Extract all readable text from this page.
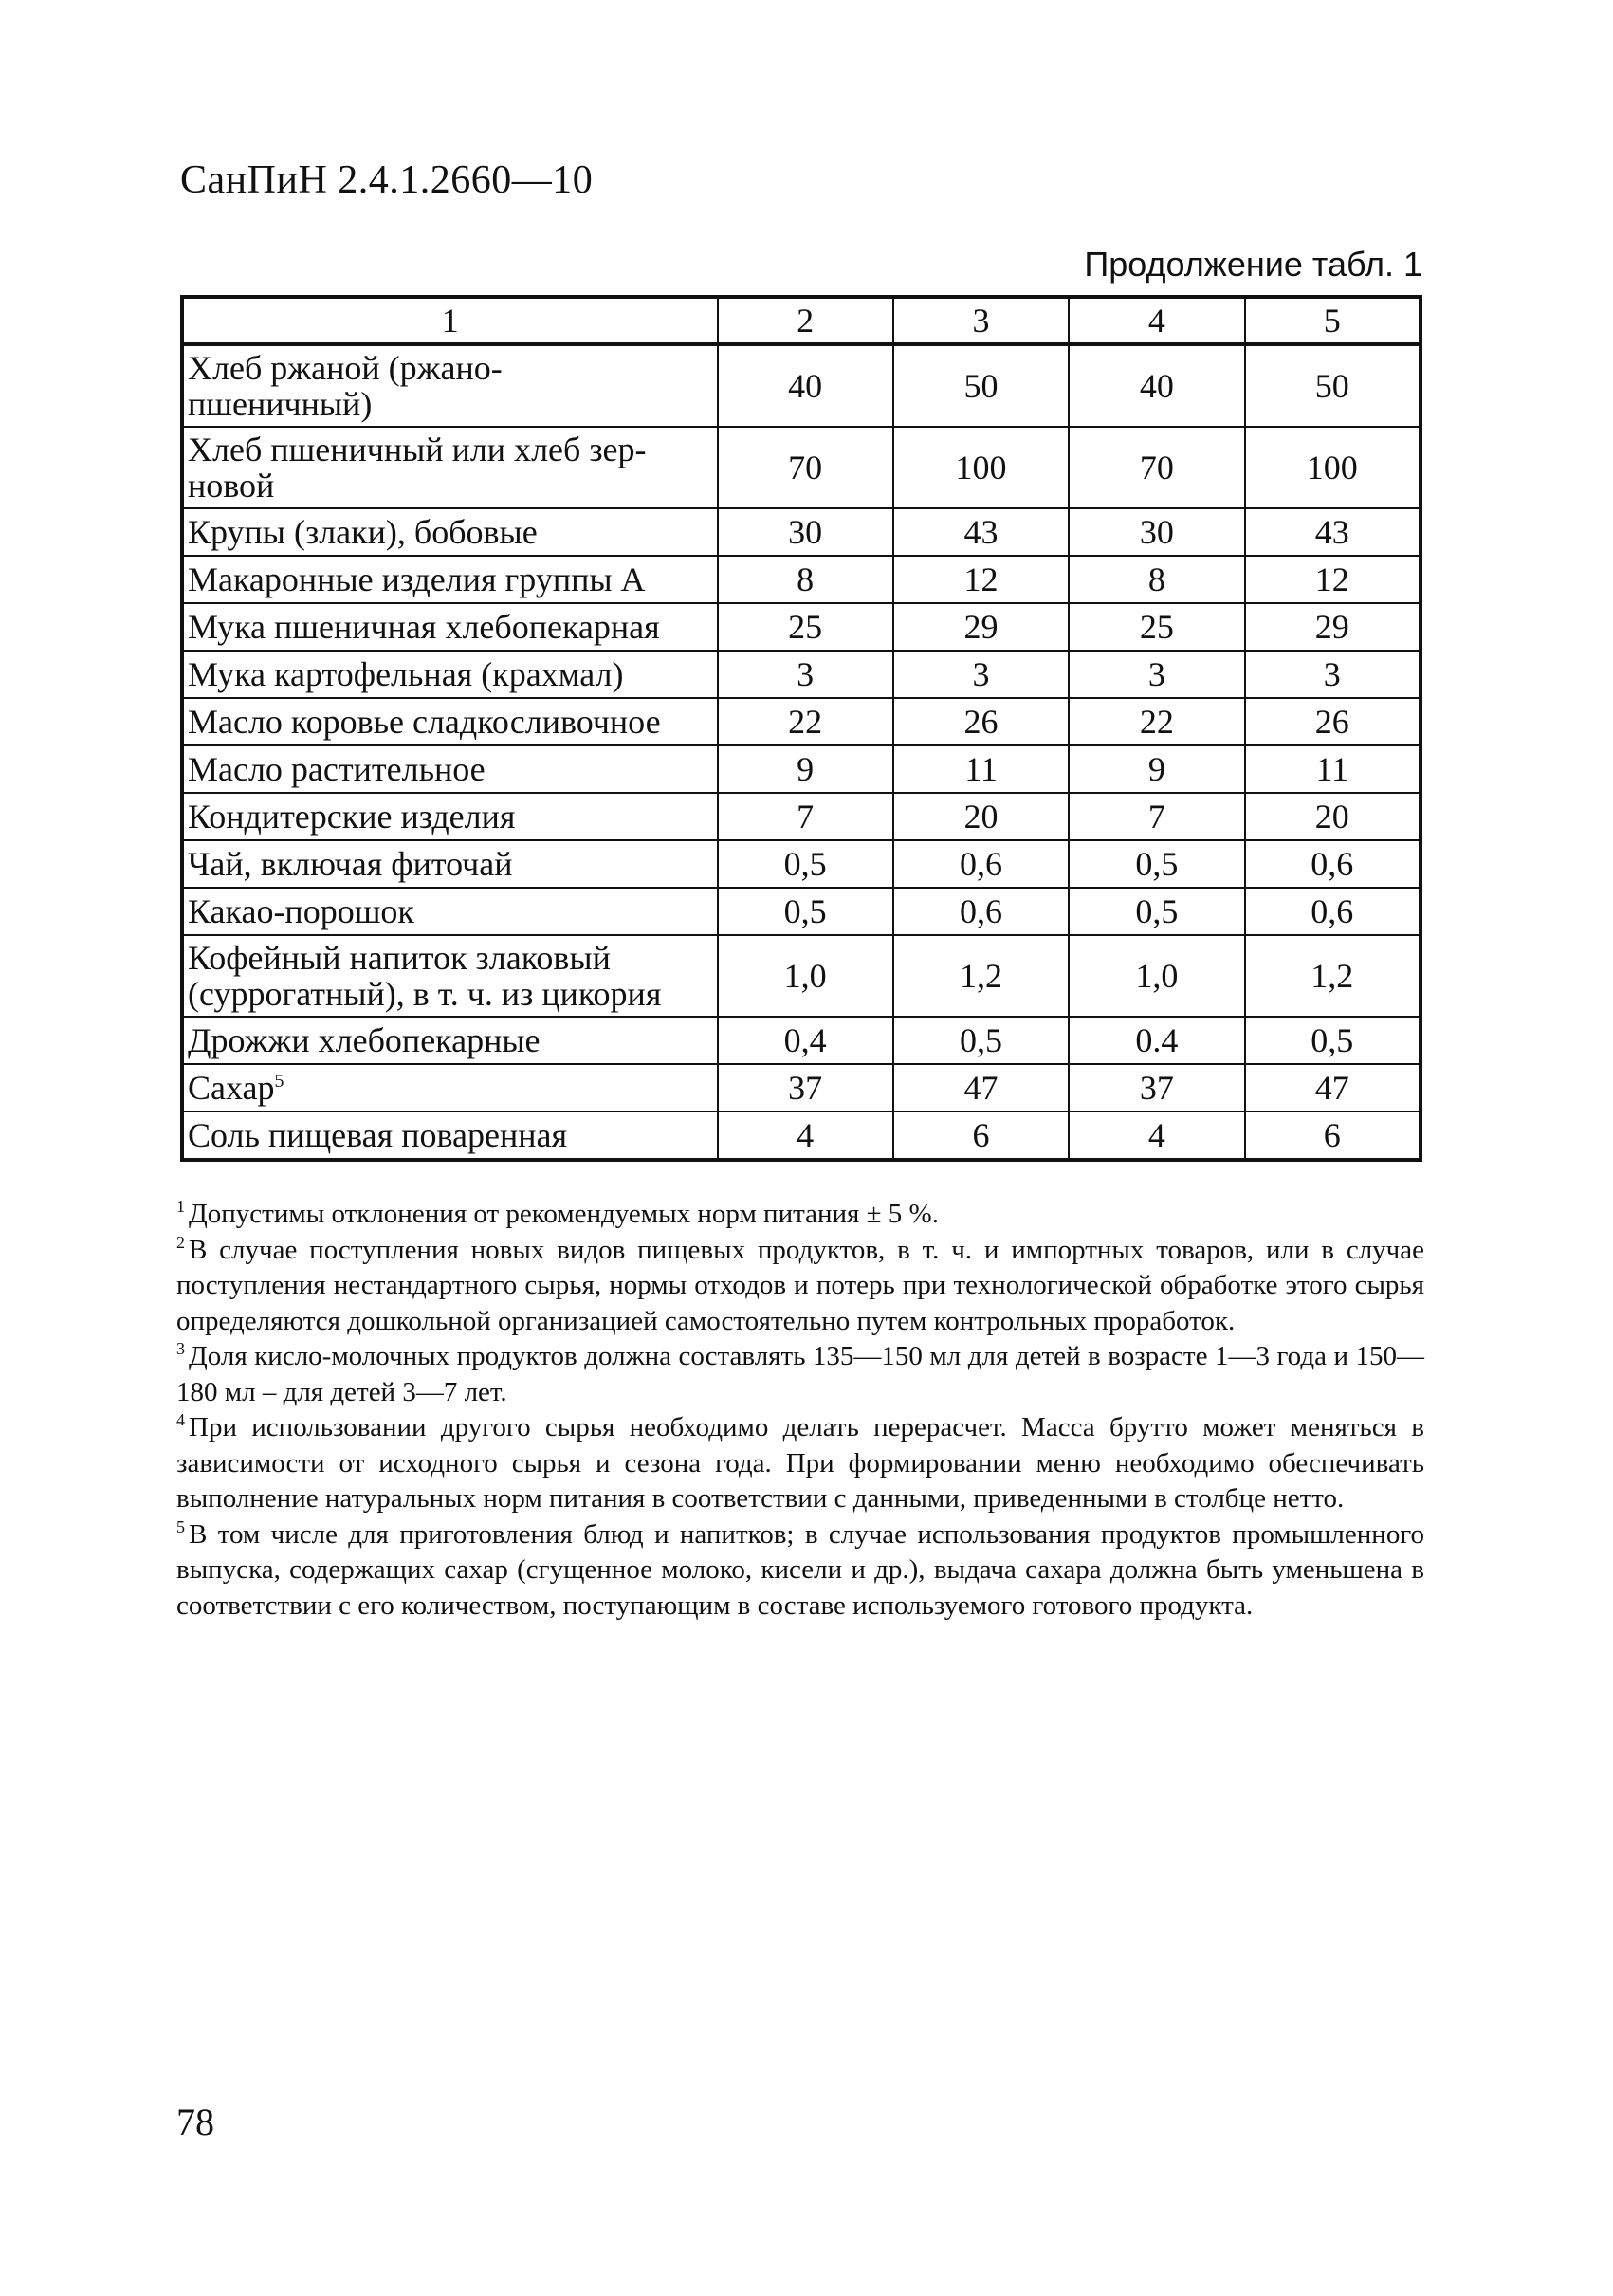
СанПиН 2.4.1.2660—10
Продолжение табл. 1
1	2	3	4	5
Хлеб ржаной (ржано-
пшеничный)	40	50	40	50
Хлеб пшеничный или хлеб зер-
новой	70	100	70	100
Крупы (злаки), бобовые	30	43	30	43
Макаронные изделия группы А	8	12	8	12
Мука пшеничная хлебопекарная	25	29	25	29
Мука картофельная (крахмал)	3	3	3	3
Масло коровье сладкосливочное	22	26	22	26
Масло растительное	9	11	9	11
Кондитерские изделия	7	20	7	20
Чай, включая фиточай	0,5	0,6	0,5	0,6
Какао-порошок	0,5	0,6	0,5	0,6
Кофейный напиток злаковый
(суррогатный), в т. ч. из цикория	1,0	1,2	1,0	1,2
Дрожжи хлебопекарные	0,4	0,5	0.4	0,5
Сахар$^5$	37	47	37	47
Соль пищевая поваренная	4	6	4	6

$^1$ Допустимы отклонения от рекомендуемых норм питания ± 5 %.

$^2$ В случае поступления новых видов пищевых продуктов, в т. ч. и импортных товаров, или в случае поступления нестандартного сырья, нормы отходов и потерь при технологической обработке этого сырья определяются дошкольной организацией самостоятельно путем контрольных проработок.

$^3$ Доля кисло-молочных продуктов должна составлять 135—150 мл для детей в возрасте 1—3 года и 150—180 мл – для детей 3—7 лет.

$^4$ При использовании другого сырья необходимо делать перерасчет. Масса брутто может меняться в зависимости от исходного сырья и сезона года. При формировании меню необходимо обеспечивать выполнение натуральных норм питания в соответствии с данными, приведенными в столбце нетто.

$^5$ В том числе для приготовления блюд и напитков; в случае использования продуктов промышленного выпуска, содержащих сахар (сгущенное молоко, кисели и др.), выдача сахара должна быть уменьшена в соответствии с его количеством, поступающим в составе используемого готового продукта.

78
